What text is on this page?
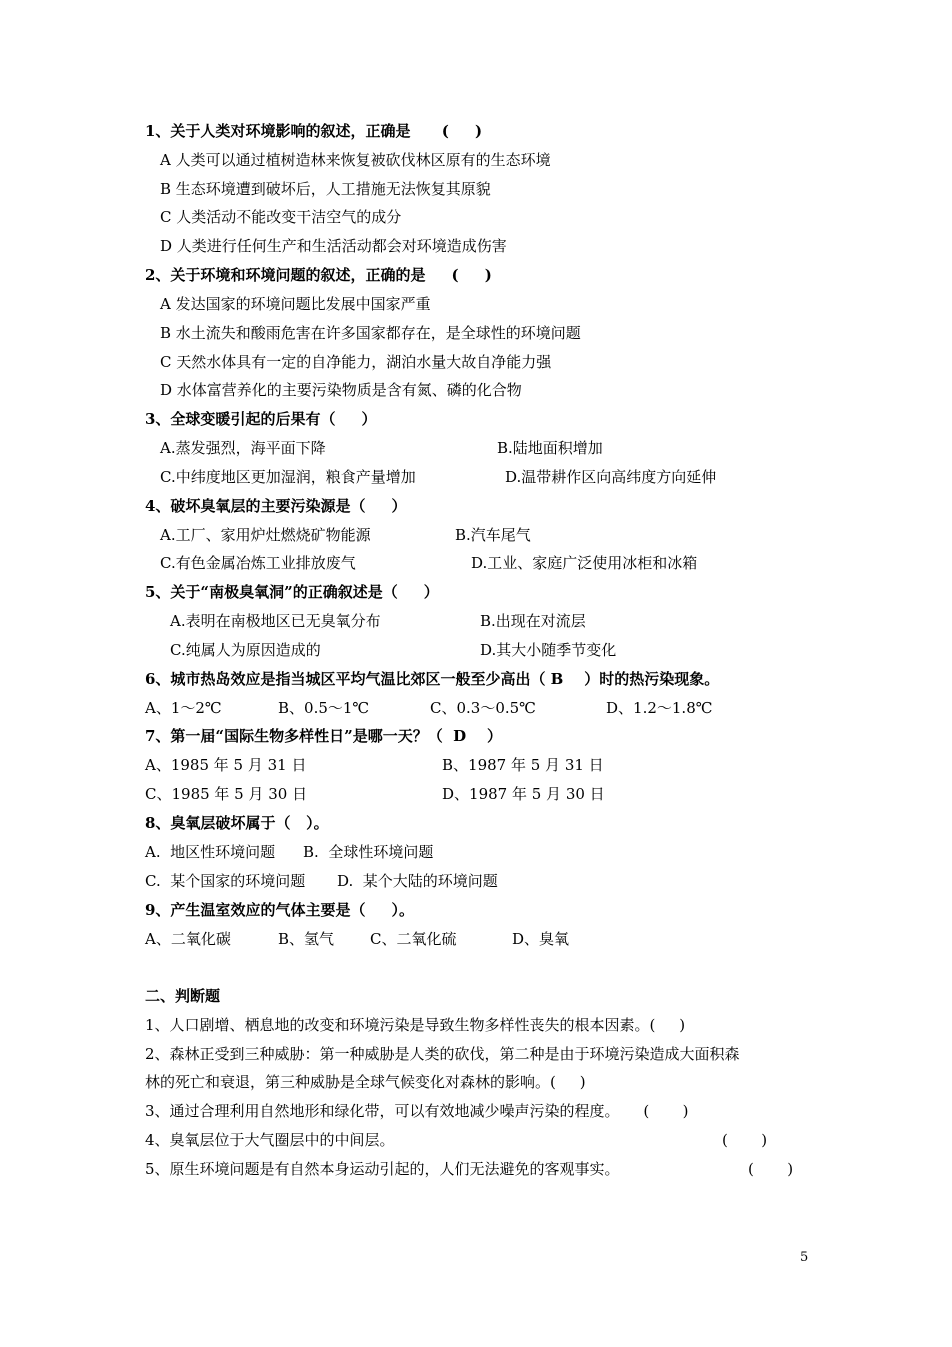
1、关于人类对环境影响的叙述，正确是      (     )
A 人类可以通过植树造林来恢复被砍伐林区原有的生态环境
B 生态环境遭到破坏后，人工措施无法恢复其原貌
C 人类活动不能改变干洁空气的成分
D 人类进行任何生产和生活活动都会对环境造成伤害
2、关于环境和环境问题的叙述，正确的是     (     )
A 发达国家的环境问题比发展中国家严重
B 水土流失和酸雨危害在许多国家都存在，是全球性的环境问题
C 天然水体具有一定的自净能力，湖泊水量大故自净能力强
D 水体富营养化的主要污染物质是含有氮、磷的化合物
3、全球变暖引起的后果有（     ）
A.蒸发强烈，海平面下降	B.陆地面积增加
C.中纬度地区更加湿润，粮食产量增加	D.温带耕作区向高纬度方向延伸
4、破坏臭氧层的主要污染源是（     ）
A.工厂、家用炉灶燃烧矿物能源	B.汽车尾气
C.有色金属冶炼工业排放废气	D.工业、家庭广泛使用冰柜和冰箱
5、关于“南极臭氧洞”的正确叙述是（     ）
A.表明在南极地区已无臭氧分布	B.出现在对流层
C.纯属人为原因造成的	D.其大小随季节变化
6、城市热岛效应是指当城区平均气温比郊区一般至少高出（ B    ）时的热污染现象。
A、1～2℃	B、0.5～1℃	C、0.3～0.5℃	D、1.2～1.8℃
7、第一届“国际生物多样性日”是哪一天？（  D    ）
A、1985 年 5 月 31 日	B、1987 年 5 月 31 日
C、1985 年 5 月 30 日	D、1987 年 5 月 30 日
8、臭氧层破坏属于（   ）。
A.  地区性环境问题 B.  全球性环境问题
C.  某个国家的环境问题 D.  某个大陆的环境问题
9、产生温室效应的气体主要是（     ）。
A、二氧化碳	B、氢气 C、二氧化硫	D、臭氧
二、判断题
1、人口剧增、栖息地的改变和环境污染是导致生物多样性丧失的根本因素。(     )
2、森林正受到三种威胁：第一种威胁是人类的砍伐，第二种是由于环境污染造成大面积森
林的死亡和衰退，第三种威胁是全球气候变化对森林的影响。(     )
3、通过合理利用自然地形和绿化带，可以有效地减少噪声污染的程度。     (       )
4、臭氧层位于大气圈层中的中间层。	(       )
5、原生环境问题是有自然本身运动引起的，人们无法避免的客观事实。	(       )
5
